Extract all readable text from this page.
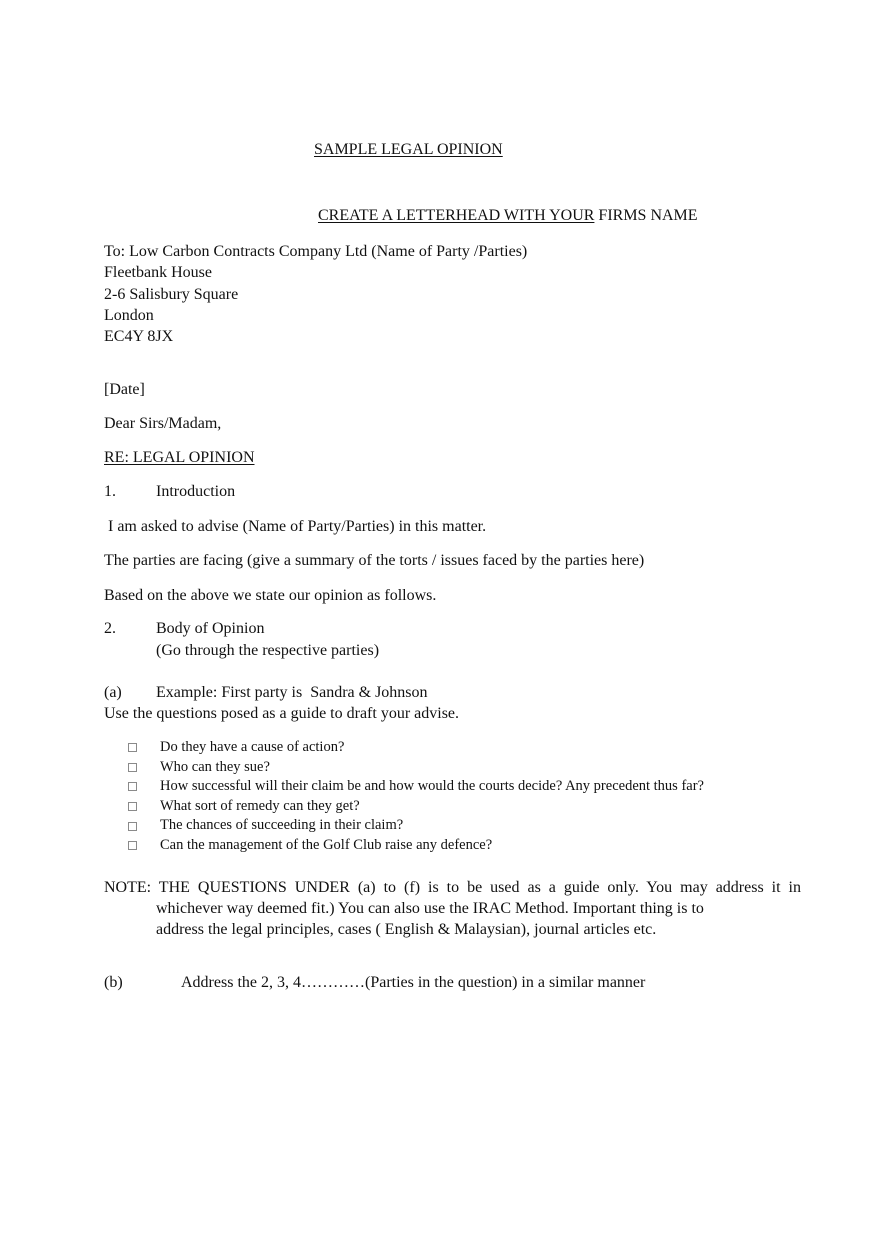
SAMPLE LEGAL OPINION
CREATE A LETTERHEAD WITH YOUR FIRMS NAME
To: Low Carbon Contracts Company Ltd (Name of Party /Parties)
Fleetbank House
2-6 Salisbury Square
London
EC4Y 8JX
[Date]
Dear Sirs/Madam,
RE: LEGAL OPINION
1.	Introduction
I am asked to advise (Name of Party/Parties) in this matter.
The parties are facing (give a summary of the torts / issues faced by the parties here)
Based on the above we state our opinion as follows.
2.	Body of Opinion
(Go through the respective parties)
(a) Example: First party is  Sandra & Johnson
Use the questions posed as a guide to draft your advise.
Do they have a cause of action?
Who can they sue?
How successful will their claim be and how would the courts decide? Any precedent thus far?
What sort of remedy can they get?
The chances of succeeding in their claim?
Can the management of the Golf Club raise any defence?
NOTE: THE QUESTIONS UNDER (a) to (f) is to be used as a guide only. You may address it in
whichever way deemed fit.) You can also use the IRAC Method. Important thing is to
address the legal principles, cases ( English & Malaysian), journal articles etc.
(b)	Address the 2, 3, 4…………(Parties in the question) in a similar manner
